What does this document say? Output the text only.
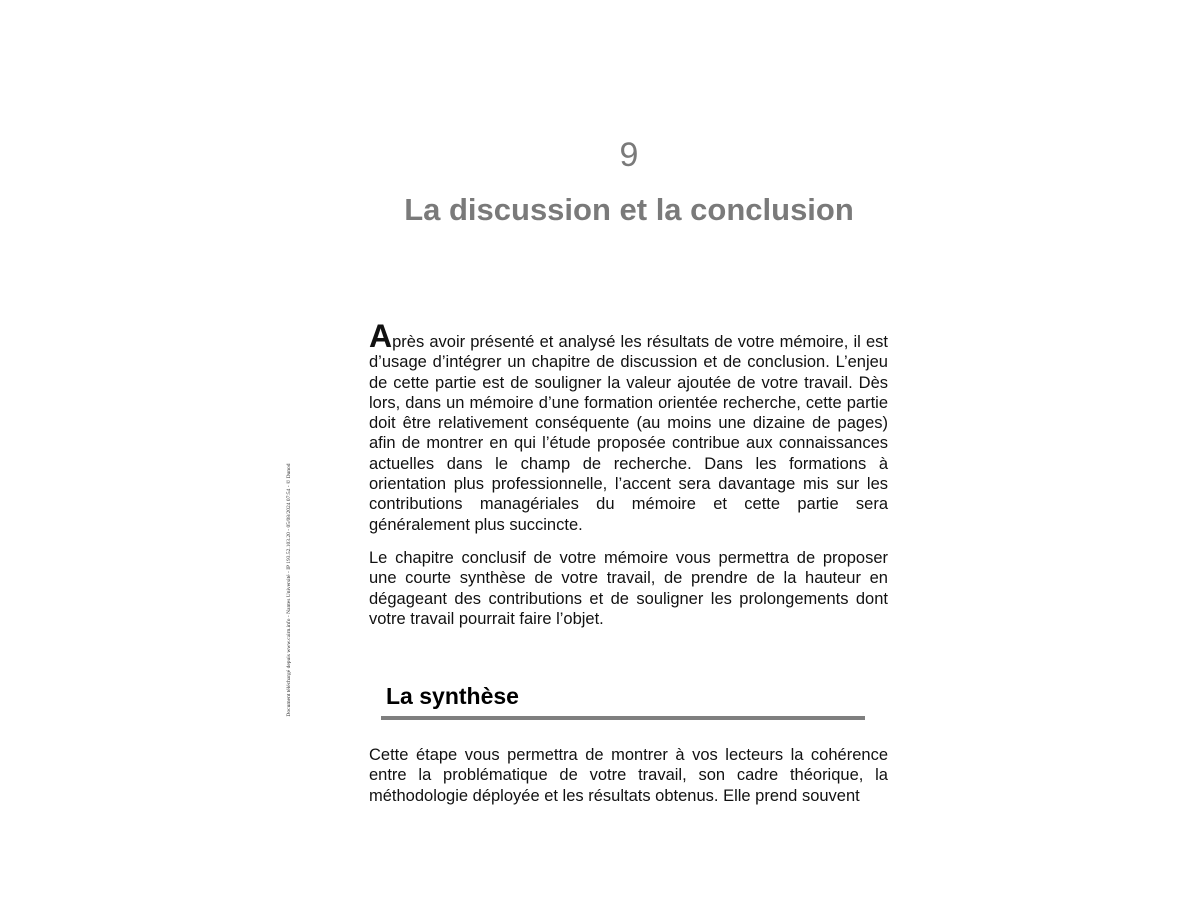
9
La discussion et la conclusion
Document téléchargé depuis www.cairn.info - Nantes Université - IP 193.52.103.20 - 05/08/2024 07:54 - © Dunod

Après avoir présenté et analysé les résultats de votre mémoire, il est d’usage d’intégrer un chapitre de discussion et de conclusion. L’enjeu de cette partie est de souligner la valeur ajoutée de votre travail. Dès lors, dans un mémoire d’une formation orientée recherche, cette partie doit être relativement conséquente (au moins une dizaine de pages) afin de montrer en qui l’étude proposée contribue aux connaissances actuelles dans le champ de recherche. Dans les formations à orientation plus professionnelle, l’accent sera davantage mis sur les contributions managériales du mémoire et cette partie sera généralement plus succincte.

Le chapitre conclusif de votre mémoire vous permettra de proposer une courte synthèse de votre travail, de prendre de la hauteur en dégageant des contributions et de souligner les prolongements dont votre travail pourrait faire l’objet.

La synthèse

Cette étape vous permettra de montrer à vos lecteurs la cohérence entre la problématique de votre travail, son cadre théorique, la méthodologie déployée et les résultats obtenus. Elle prend souvent
